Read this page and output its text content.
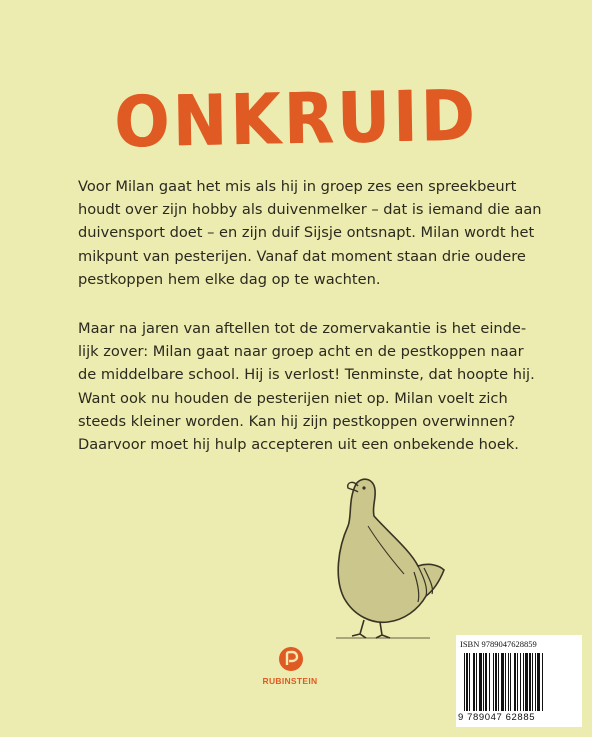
ONKRUID

Voor Milan gaat het mis als hij in groep zes een spreekbeurt
houdt over zijn hobby als duivenmelker – dat is iemand die aan
duivensport doet – en zijn duif Sijsje ontsnapt. Milan wordt het
mikpunt van pesterijen. Vanaf dat moment staan drie oudere
pestkoppen hem elke dag op te wachten.

Maar na jaren van aftellen tot de zomervakantie is het einde-
lijk zover: Milan gaat naar groep acht en de pestkoppen naar
de middelbare school. Hij is verlost! Tenminste, dat hoopte hij.
Want ook nu houden de pesterijen niet op. Milan voelt zich
steeds kleiner worden. Kan hij zijn pestkoppen overwinnen?
Daarvoor moet hij hulp accepteren uit een onbekende hoek.

RUBINSTEIN
ISBN 9789047628859
9 789047 62885
